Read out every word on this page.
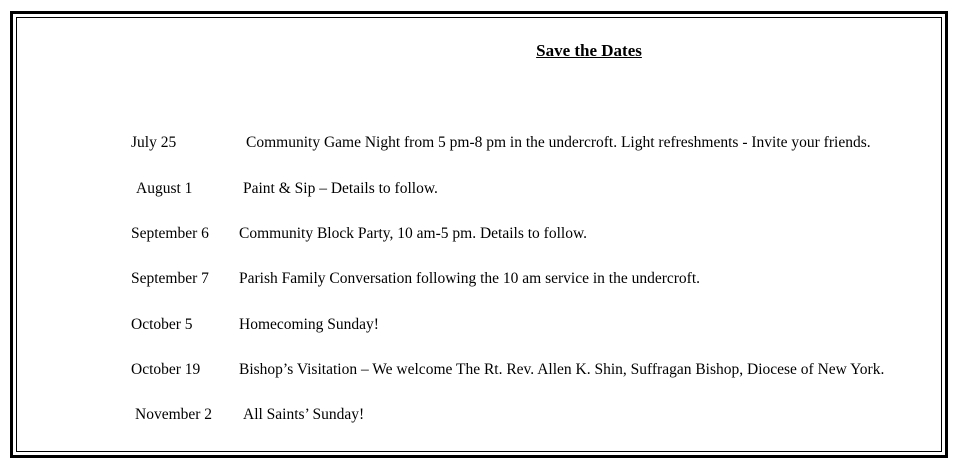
Save the Dates
July 25	Community Game Night from 5 pm-8 pm in the undercroft. Light refreshments - Invite your friends.
August 1	Paint & Sip – Details to follow.
September 6 Community Block Party, 10 am-5 pm. Details to follow.
September 7 Parish Family Conversation following the 10 am service in the undercroft.
October 5	Homecoming Sunday!
October 19 Bishop’s Visitation – We welcome The Rt. Rev. Allen K. Shin, Suffragan Bishop, Diocese of New York.
November 2 All Saints’ Sunday!
